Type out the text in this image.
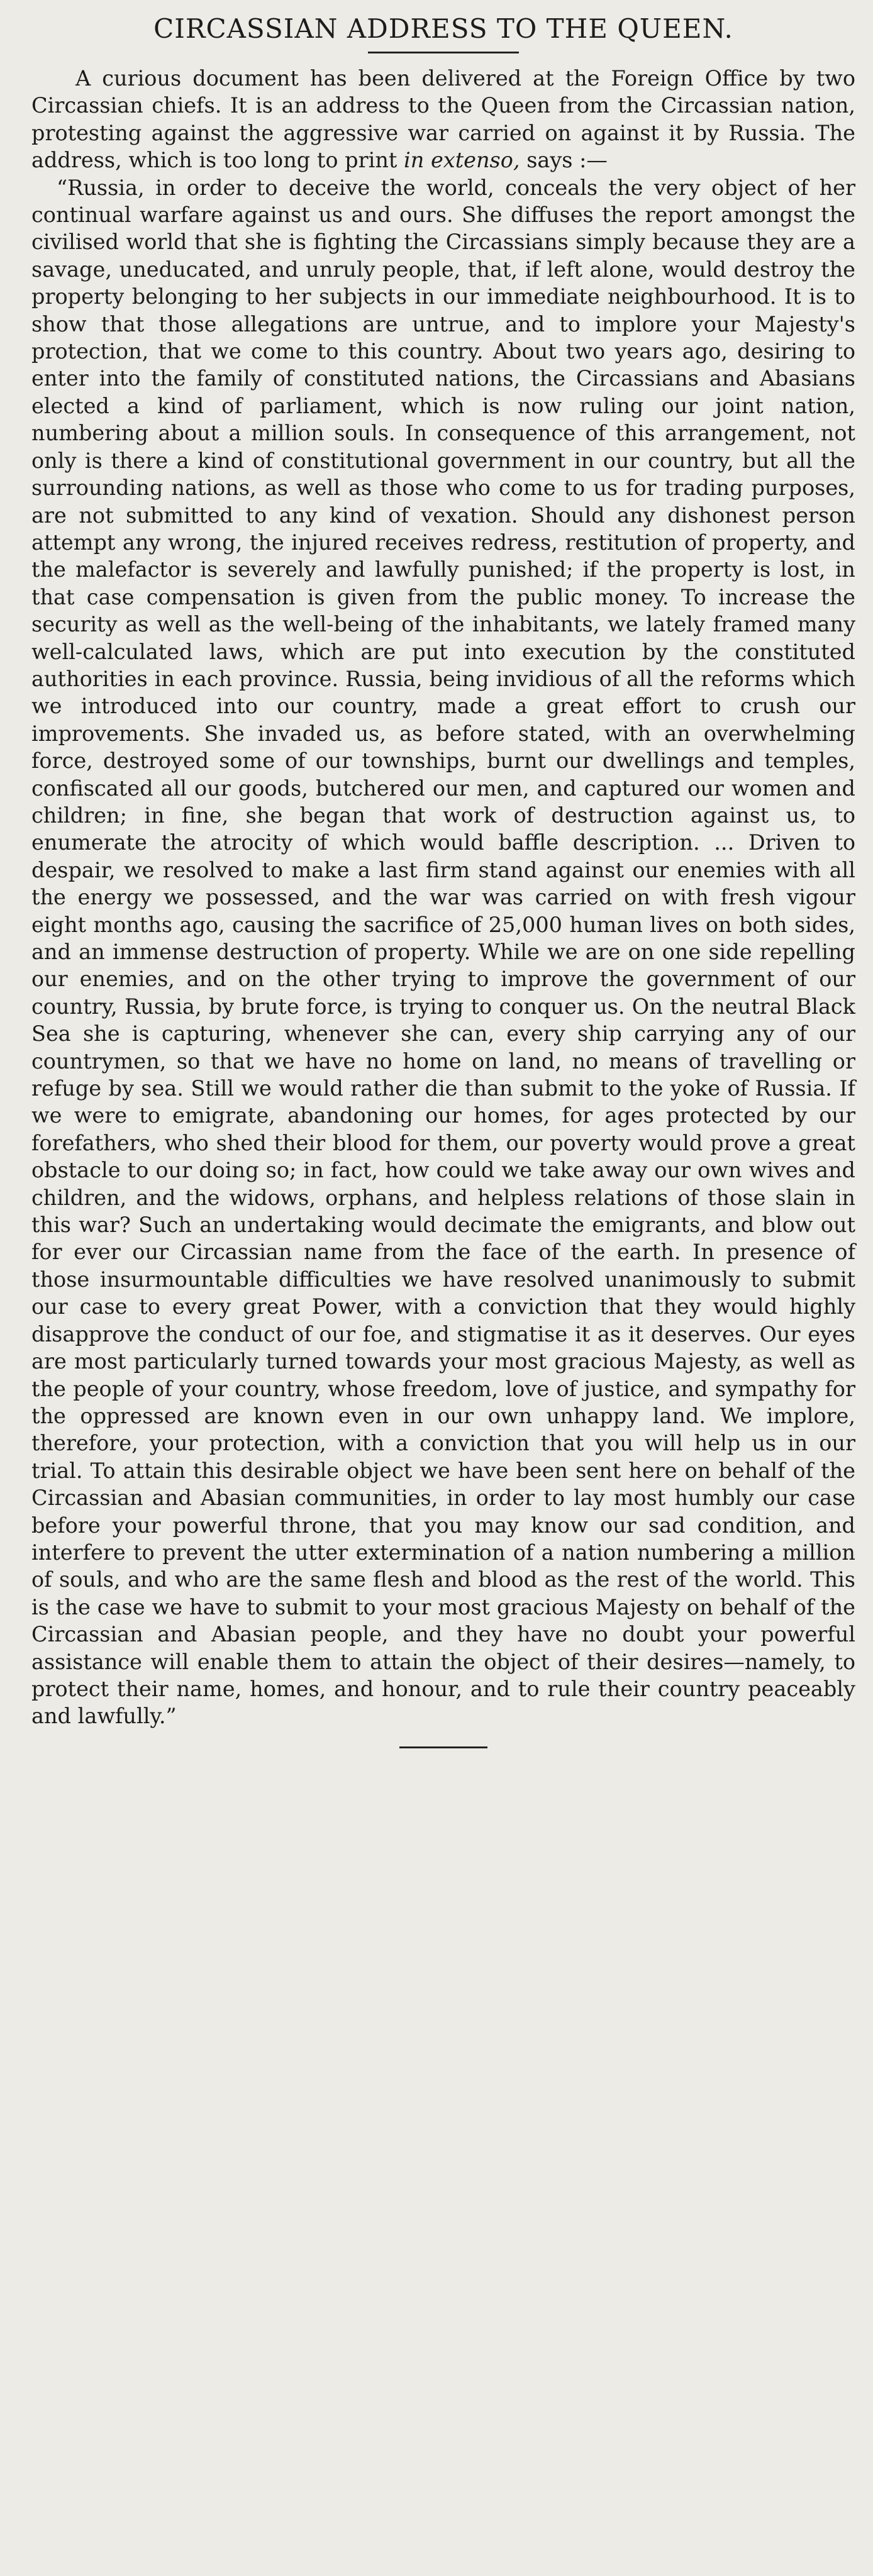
CIRCASSIAN ADDRESS TO THE QUEEN.

A curious document has been delivered at the Foreign Office by two Circassian chiefs. It is an address to the Queen from the Circassian nation, protesting against the aggressive war carried on against it by Russia. The address, which is too long to print in extenso, says :—

“Russia, in order to deceive the world, conceals the very object of her continual warfare against us and ours. She diffuses the report amongst the civilised world that she is fighting the Circassians simply because they are a savage, uneducated, and unruly people, that, if left alone, would destroy the property belonging to her subjects in our immediate neighbourhood. It is to show that those allegations are untrue, and to implore your Majesty's protection, that we come to this country. About two years ago, desiring to enter into the family of constituted nations, the Circassians and Abasians elected a kind of parliament, which is now ruling our joint nation, numbering about a million souls. In consequence of this arrangement, not only is there a kind of constitutional government in our country, but all the surrounding nations, as well as those who come to us for trading purposes, are not submitted to any kind of vexation. Should any dishonest person attempt any wrong, the injured receives redress, restitution of property, and the malefactor is severely and lawfully punished; if the property is lost, in that case compensation is given from the public money. To increase the security as well as the well-being of the inhabitants, we lately framed many well-calculated laws, which are put into execution by the constituted authorities in each province. Russia, being invidious of all the reforms which we introduced into our country, made a great effort to crush our improvements. She invaded us, as before stated, with an overwhelming force, destroyed some of our townships, burnt our dwellings and temples, confiscated all our goods, butchered our men, and captured our women and children; in fine, she began that work of destruction against us, to enumerate the atrocity of which would baffle description. ... Driven to despair, we resolved to make a last firm stand against our enemies with all the energy we possessed, and the war was carried on with fresh vigour eight months ago, causing the sacrifice of 25,000 human lives on both sides, and an immense destruction of property. While we are on one side repelling our enemies, and on the other trying to improve the government of our country, Russia, by brute force, is trying to conquer us. On the neutral Black Sea she is capturing, whenever she can, every ship carrying any of our countrymen, so that we have no home on land, no means of travelling or refuge by sea. Still we would rather die than submit to the yoke of Russia. If we were to emigrate, abandoning our homes, for ages protected by our forefathers, who shed their blood for them, our poverty would prove a great obstacle to our doing so; in fact, how could we take away our own wives and children, and the widows, orphans, and helpless relations of those slain in this war? Such an undertaking would decimate the emigrants, and blow out for ever our Circassian name from the face of the earth. In presence of those insurmountable difficulties we have resolved unanimously to submit our case to every great Power, with a conviction that they would highly disapprove the conduct of our foe, and stigmatise it as it deserves. Our eyes are most particularly turned towards your most gracious Majesty, as well as the people of your country, whose freedom, love of justice, and sympathy for the oppressed are known even in our own unhappy land. We implore, therefore, your protection, with a conviction that you will help us in our trial. To attain this desirable object we have been sent here on behalf of the Circassian and Abasian communities, in order to lay most humbly our case before your powerful throne, that you may know our sad condition, and interfere to prevent the utter extermination of a nation numbering a million of souls, and who are the same flesh and blood as the rest of the world. This is the case we have to submit to your most gracious Majesty on behalf of the Circassian and Abasian people, and they have no doubt your powerful assistance will enable them to attain the object of their desires—namely, to protect their name, homes, and honour, and to rule their country peaceably and lawfully.”
